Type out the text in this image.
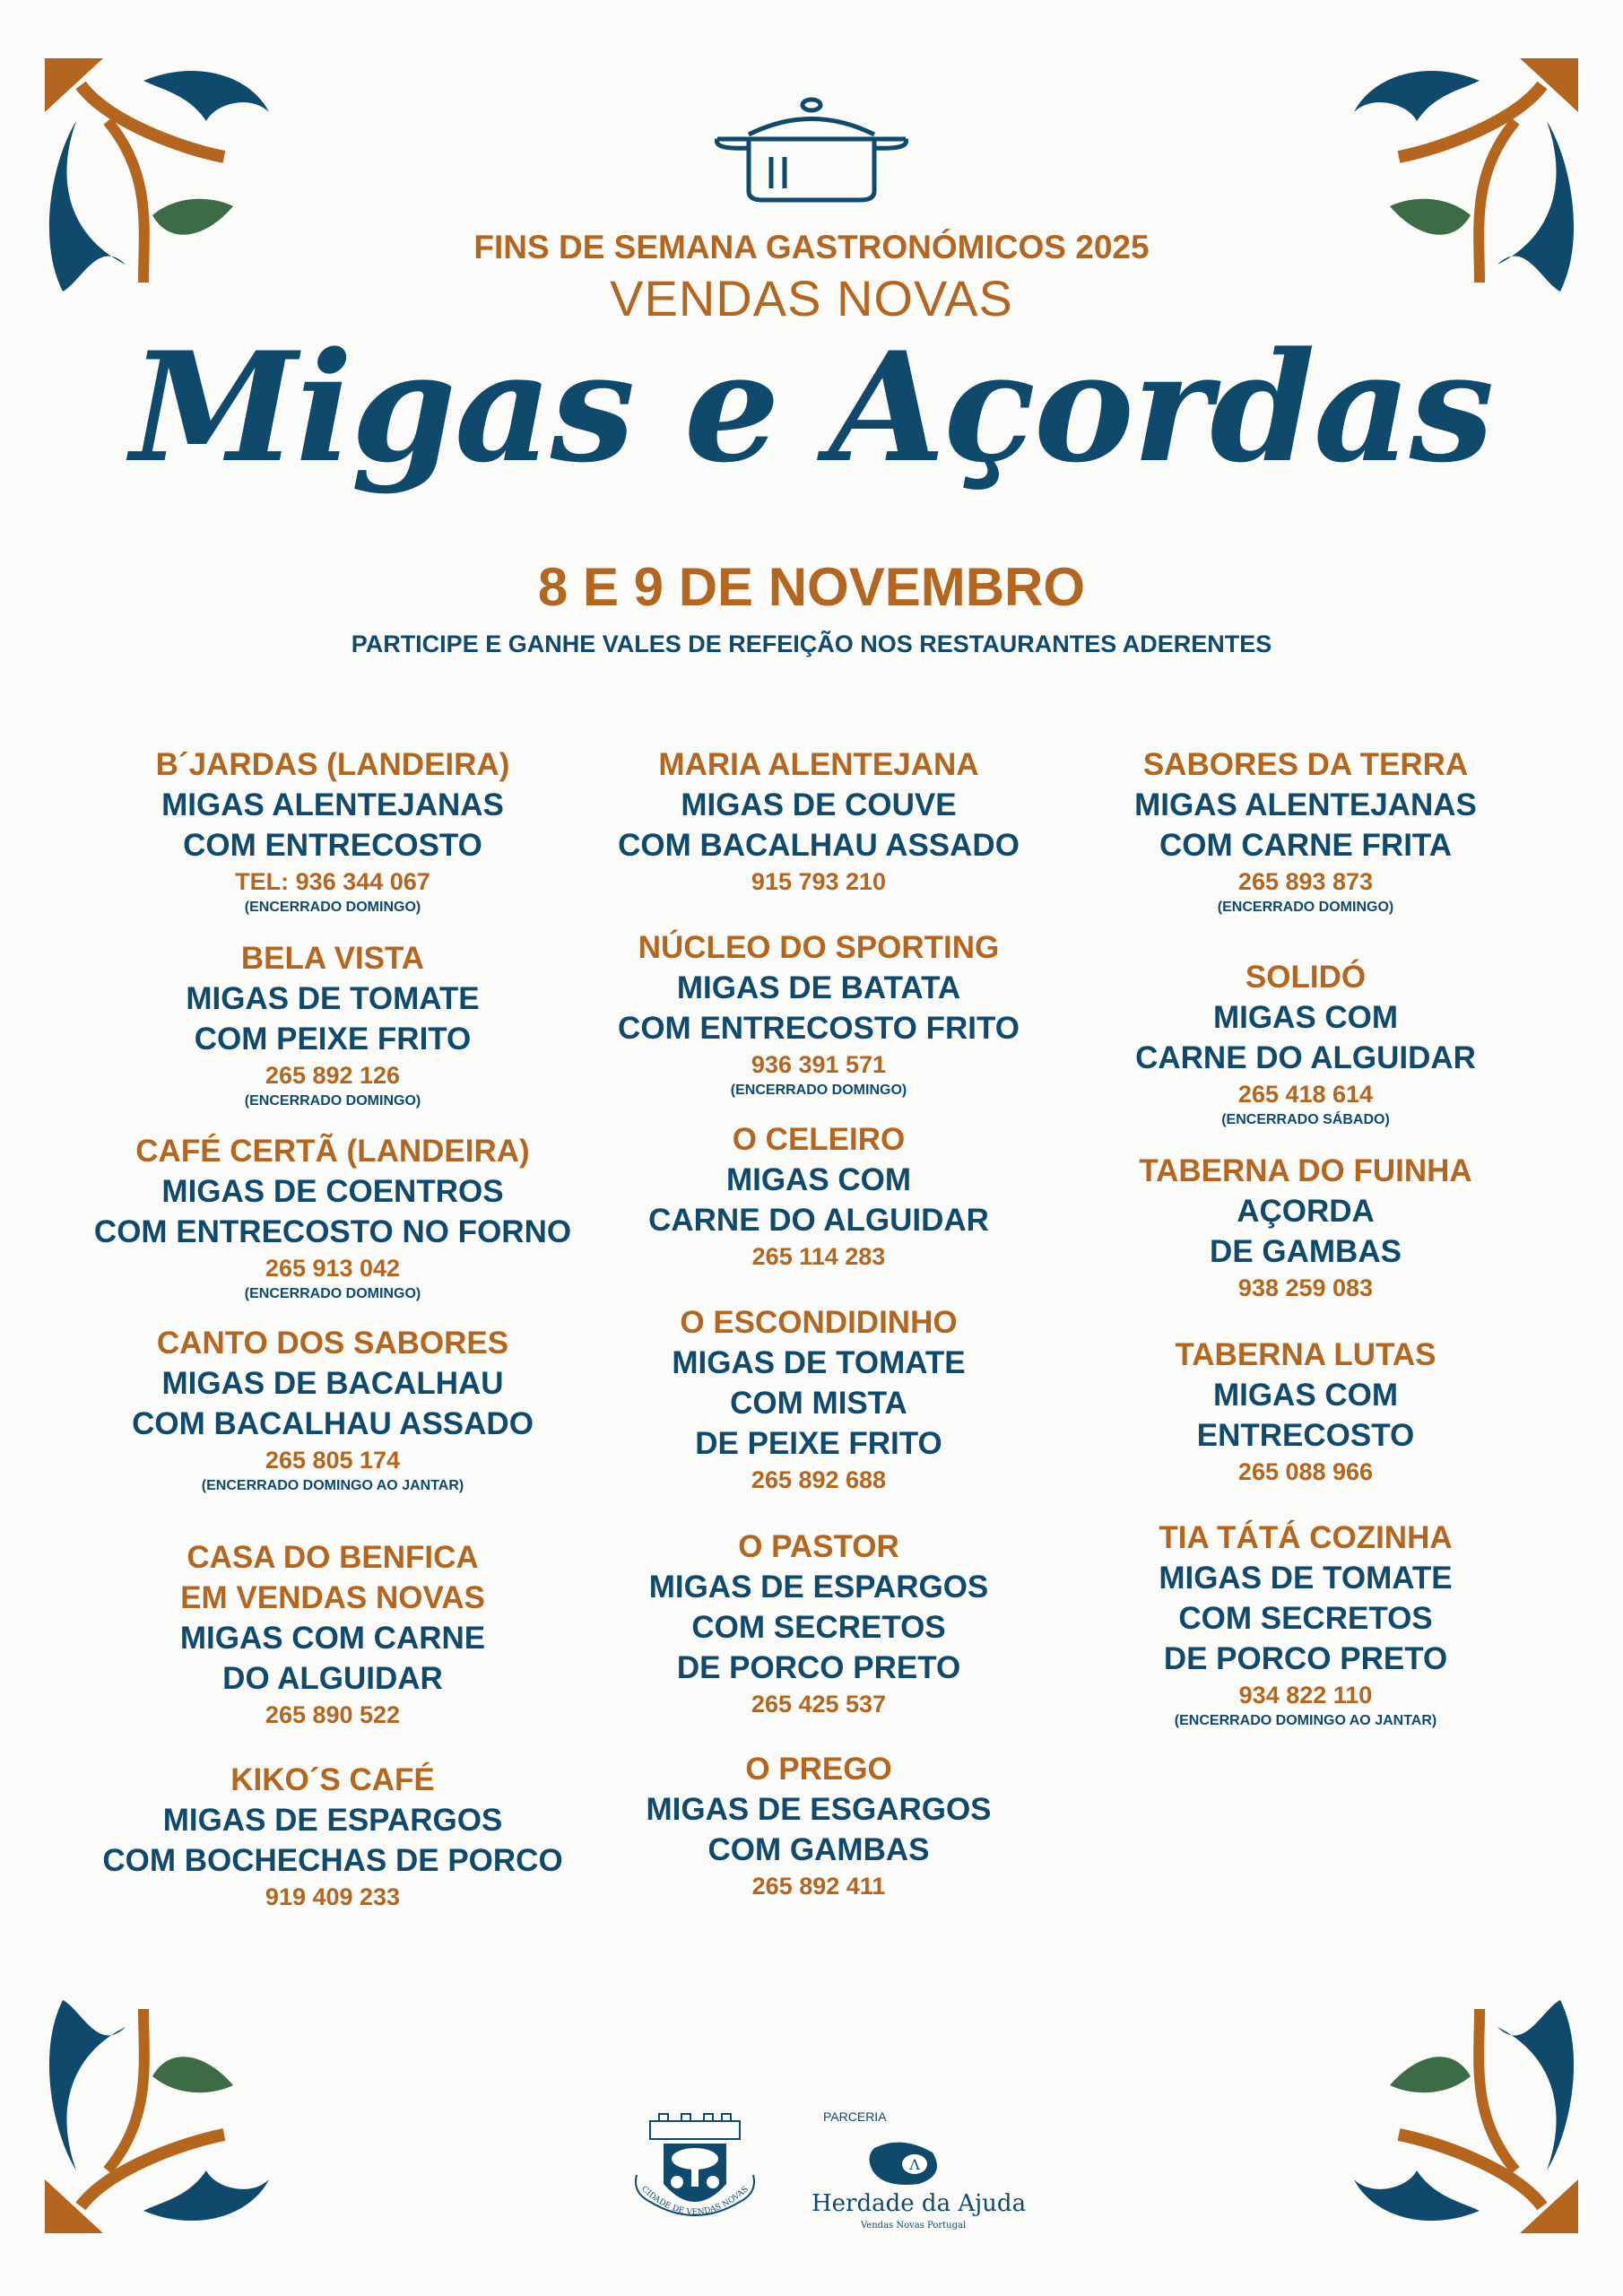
FINS DE SEMANA GASTRONÓMICOS 2025
VENDAS NOVAS
Migas e Açordas
8 E 9 DE NOVEMBRO
PARTICIPE E GANHE VALES DE REFEIÇÃO NOS RESTAURANTES ADERENTES
B´JARDAS (LANDEIRA)
MIGAS ALENTEJANAS
COM ENTRECOSTO
TEL: 936 344 067
(ENCERRADO DOMINGO)
BELA VISTA
MIGAS DE TOMATE
COM PEIXE FRITO
265 892 126
(ENCERRADO DOMINGO)
CAFÉ CERTÃ (LANDEIRA)
MIGAS DE COENTROS
COM ENTRECOSTO NO FORNO
265 913 042
(ENCERRADO DOMINGO)
CANTO DOS SABORES
MIGAS DE BACALHAU
COM BACALHAU ASSADO
265 805 174
(ENCERRADO DOMINGO AO JANTAR)
CASA DO BENFICA
EM VENDAS NOVAS
MIGAS COM CARNE
DO ALGUIDAR
265 890 522
KIKO´S CAFÉ
MIGAS DE ESPARGOS
COM BOCHECHAS DE PORCO
919 409 233
MARIA ALENTEJANA
MIGAS DE COUVE
COM BACALHAU ASSADO
915 793 210
NÚCLEO DO SPORTING
MIGAS DE BATATA
COM ENTRECOSTO FRITO
936 391 571
(ENCERRADO DOMINGO)
O CELEIRO
MIGAS COM
CARNE DO ALGUIDAR
265 114 283
O ESCONDIDINHO
MIGAS DE TOMATE
COM MISTA
DE PEIXE FRITO
265 892 688
O PASTOR
MIGAS DE ESPARGOS
COM SECRETOS
DE PORCO PRETO
265 425 537
O PREGO
MIGAS DE ESGARGOS
COM GAMBAS
265 892 411
SABORES DA TERRA
MIGAS ALENTEJANAS
COM CARNE FRITA
265 893 873
(ENCERRADO DOMINGO)
SOLIDÓ
MIGAS COM
CARNE DO ALGUIDAR
265 418 614
(ENCERRADO SÁBADO)
TABERNA DO FUINHA
AÇORDA
DE GAMBAS
938 259 083
TABERNA LUTAS
MIGAS COM
ENTRECOSTO
265 088 966
TIA TÁTÁ COZINHA
MIGAS DE TOMATE
COM SECRETOS
DE PORCO PRETO
934 822 110
(ENCERRADO DOMINGO AO JANTAR)
CIDADE DE VENDAS NOVAS
PARCERIA
Λ
Herdade da Ajuda
Vendas Novas Portugal
